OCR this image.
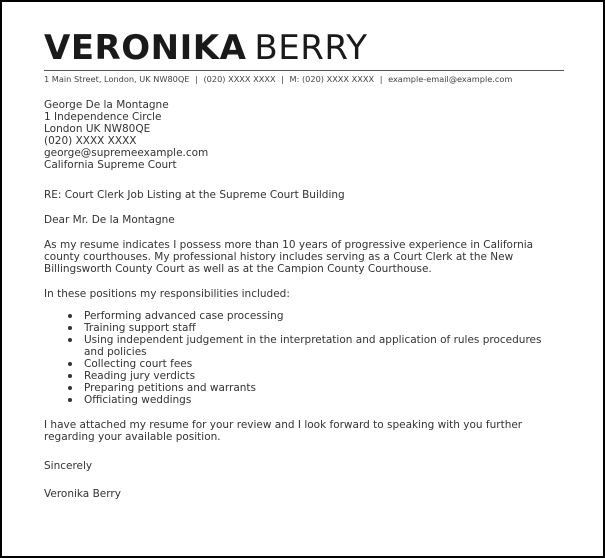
VERONIKA BERRY
1 Main Street, London, UK NW80QE | (020) XXXX XXXX | M: (020) XXXX XXXX | example-email@example.com
George De la Montagne
1 Independence Circle
London UK NW80QE
(020) XXXX XXXX
george@supremeexample.com
California Supreme Court
RE: Court Clerk Job Listing at the Supreme Court Building
Dear Mr. De la Montagne
As my resume indicates I possess more than 10 years of progressive experience in California
county courthouses. My professional history includes serving as a Court Clerk at the New
Billingsworth County Court as well as at the Campion County Courthouse.
In these positions my responsibilities included:
Performing advanced case processing
Training support staff
Using independent judgement in the interpretation and application of rules procedures and policies
Collecting court fees
Reading jury verdicts
Preparing petitions and warrants
Officiating weddings
I have attached my resume for your review and I look forward to speaking with you further
regarding your available position.
Sincerely
Veronika Berry
